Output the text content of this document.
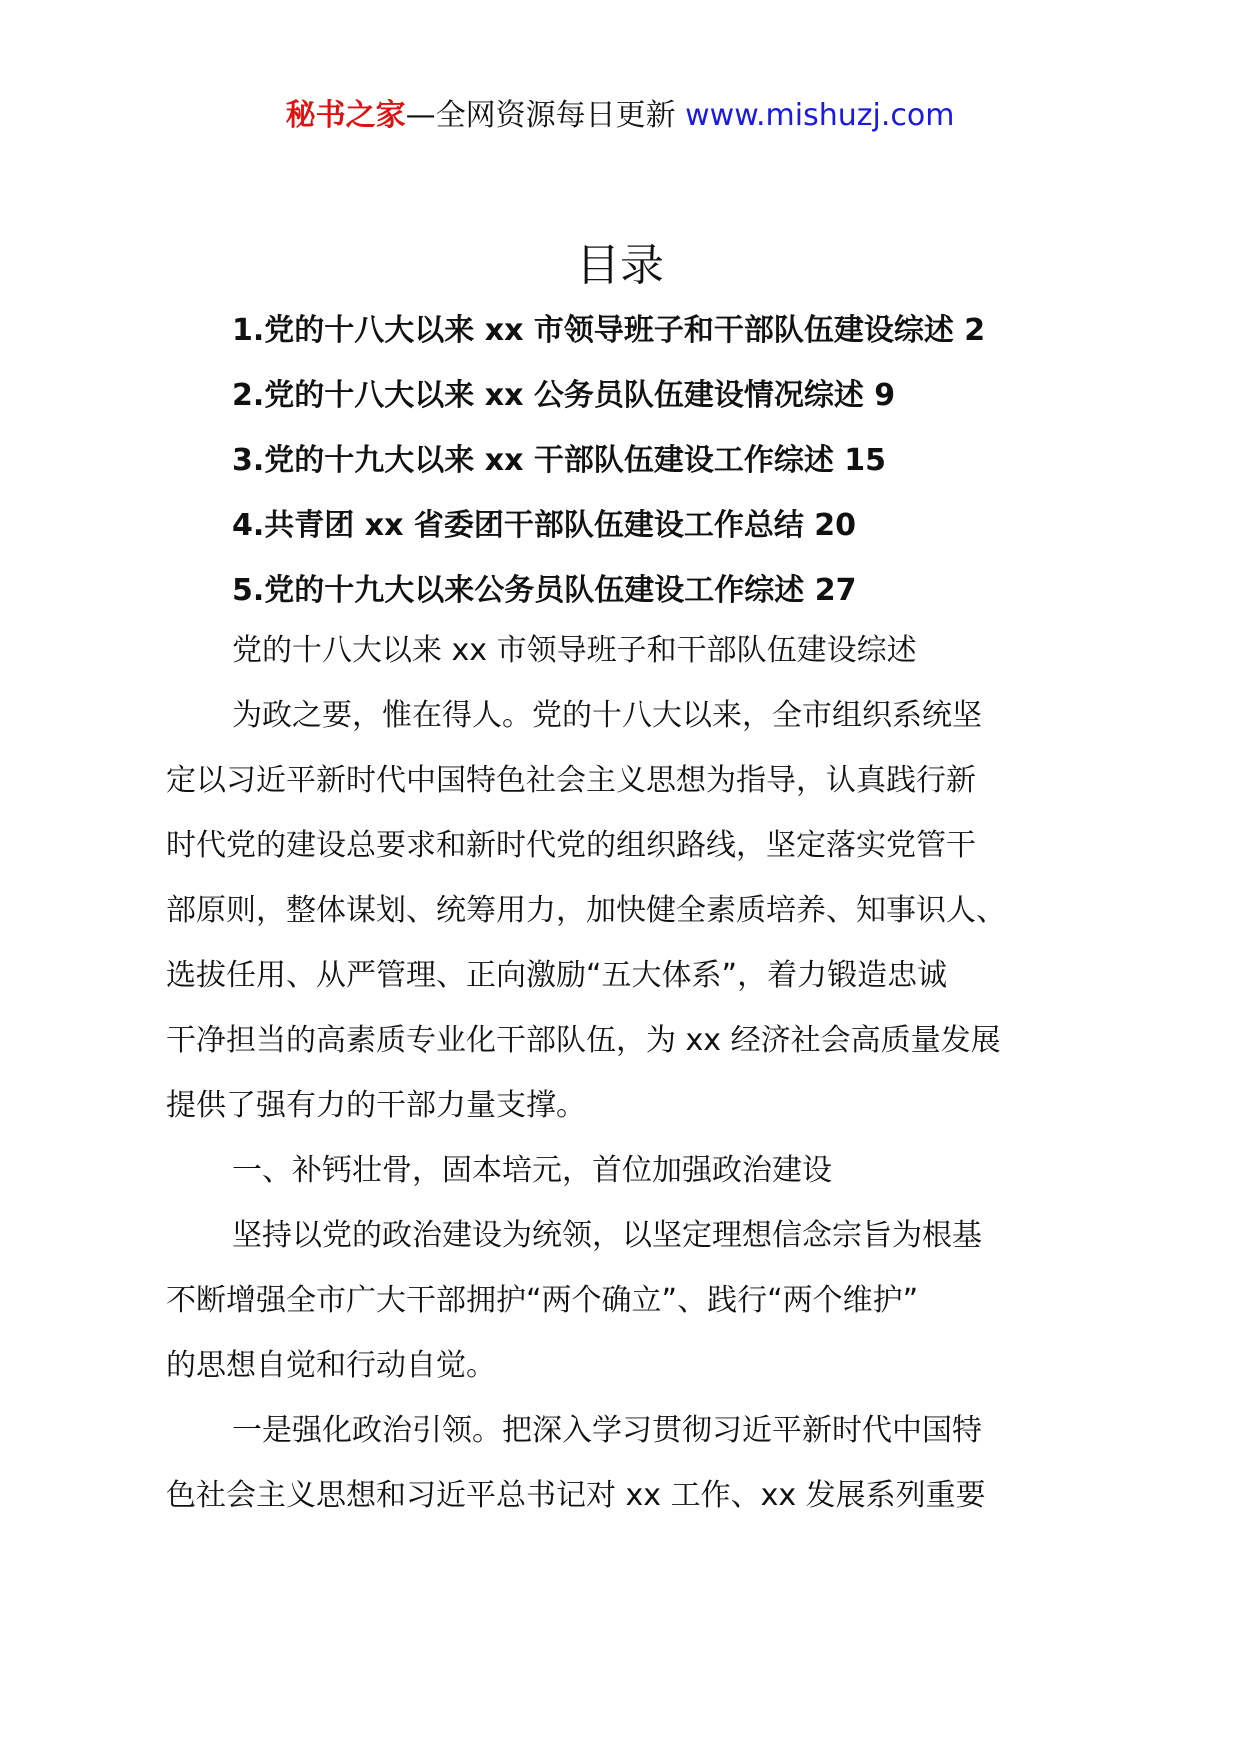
秘书之家—全网资源每日更新 www.mishuzj.com
目录
1.党的十八大以来 xx 市领导班子和干部队伍建设综述 2
2.党的十八大以来 xx 公务员队伍建设情况综述 9
3.党的十九大以来 xx 干部队伍建设工作综述 15
4.共青团 xx 省委团干部队伍建设工作总结 20
5.党的十九大以来公务员队伍建设工作综述 27
党的十八大以来 xx 市领导班子和干部队伍建设综述
为政之要，惟在得人。党的十八大以来，全市组织系统坚
定以习近平新时代中国特色社会主义思想为指导，认真践行新
时代党的建设总要求和新时代党的组织路线，坚定落实党管干
部原则，整体谋划、统筹用力，加快健全素质培养、知事识人、
选拔任用、从严管理、正向激励“五大体系”，着力锻造忠诚
干净担当的高素质专业化干部队伍，为 xx 经济社会高质量发展
提供了强有力的干部力量支撑。
一、补钙壮骨，固本培元，首位加强政治建设
坚持以党的政治建设为统领，以坚定理想信念宗旨为根基
不断增强全市广大干部拥护“两个确立”、践行“两个维护”
的思想自觉和行动自觉。
一是强化政治引领。把深入学习贯彻习近平新时代中国特
色社会主义思想和习近平总书记对 xx 工作、xx 发展系列重要
